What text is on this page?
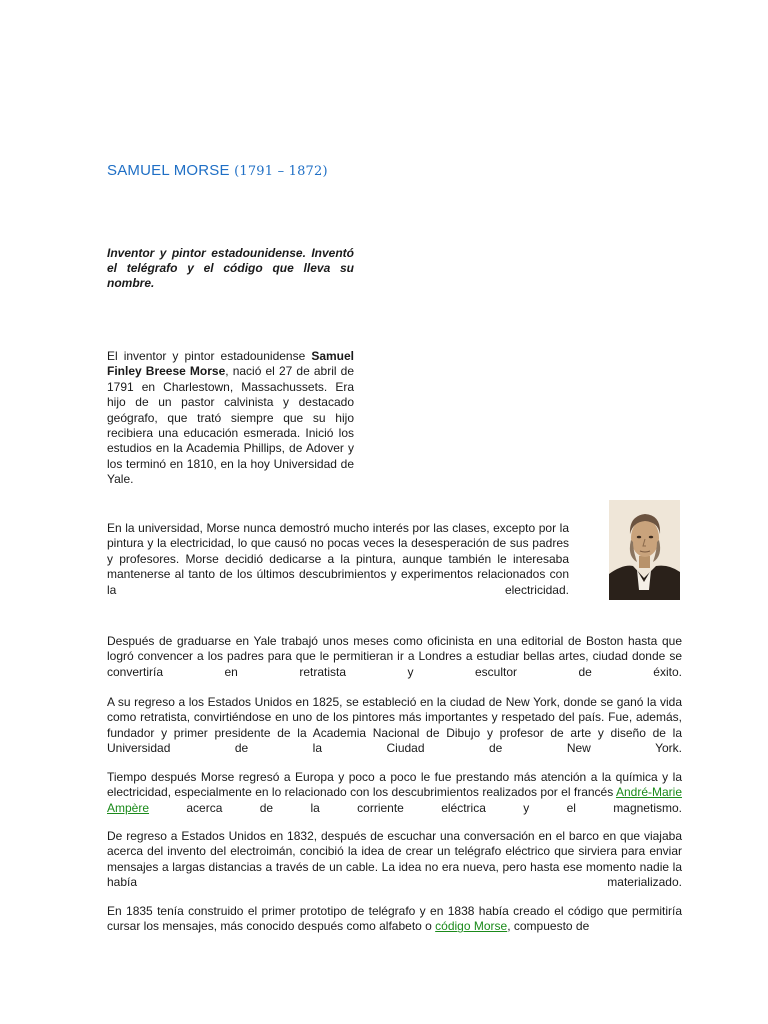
SAMUEL MORSE (1791 – 1872)
Inventor y pintor estadounidense. Inventó el telégrafo y el código que lleva su nombre.
El inventor y pintor estadounidense Samuel Finley Breese Morse, nació el 27 de abril de 1791 en Charlestown, Massachussets. Era hijo de un pastor calvinista y destacado geógrafo, que trató siempre que su hijo recibiera una educación esmerada. Inició los estudios en la Academia Phillips, de Adover y los terminó en 1810, en la hoy Universidad de Yale.
En la universidad, Morse nunca demostró mucho interés por las clases, excepto por la pintura y la electricidad, lo que causó no pocas veces la desesperación de sus padres y profesores. Morse decidió dedicarse a la pintura, aunque también le interesaba mantenerse al tanto de los últimos descubrimientos y experimentos relacionados con la electricidad.
Después de graduarse en Yale trabajó unos meses como oficinista en una editorial de Boston hasta que logró convencer a los padres para que le permitieran ir a Londres a estudiar bellas artes, ciudad donde se convertiría en retratista y escultor de éxito.
A su regreso a los Estados Unidos en 1825, se estableció en la ciudad de New York, donde se ganó la vida como retratista, convirtiéndose en uno de los pintores más importantes y respetado del país. Fue, además, fundador y primer presidente de la Academia Nacional de Dibujo y profesor de arte y diseño de la Universidad de la Ciudad de New York.
Tiempo después Morse regresó a Europa y poco a poco le fue prestando más atención a la química y la electricidad, especialmente en lo relacionado con los descubrimientos realizados por el francés André-Marie Ampère acerca de la corriente eléctrica y el magnetismo.
De regreso a Estados Unidos en 1832, después de escuchar una conversación en el barco en que viajaba acerca del invento del electroimán, concibió la idea de crear un telégrafo eléctrico que sirviera para enviar mensajes a largas distancias a través de un cable. La idea no era nueva, pero hasta ese momento nadie la había materializado.
En 1835 tenía construido el primer prototipo de telégrafo y en 1838 había creado el código que permitiría cursar los mensajes, más conocido después como alfabeto o código Morse, compuesto de
